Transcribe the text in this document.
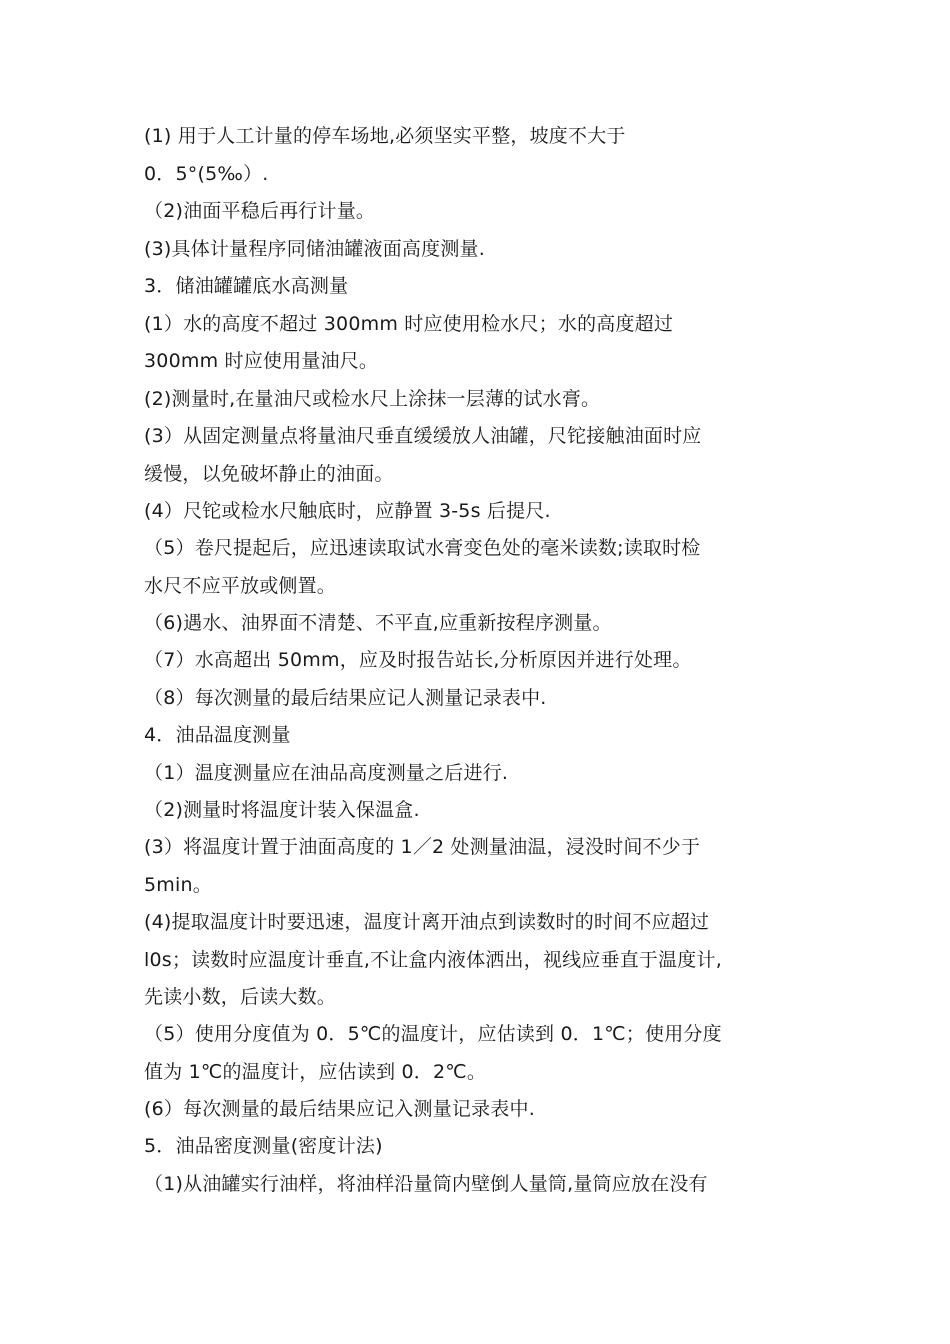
(1) 用于人工计量的停车场地,必须坚实平整，坡度不大于
0．5°(5‰）.
（2)油面平稳后再行计量。
(3)具体计量程序同储油罐液面高度测量.
3．储油罐罐底水高测量
(1）水的高度不超过 300mm 时应使用检水尺；水的高度超过
300mm 时应使用量油尺。
(2)测量时,在量油尺或检水尺上涂抹一层薄的试水膏。
(3）从固定测量点将量油尺垂直缓缓放人油罐，尺铊接触油面时应
缓慢，以免破坏静止的油面。
(4）尺铊或检水尺触底时，应静置 3-5s 后提尺.
（5）卷尺提起后，应迅速读取试水膏变色处的毫米读数;读取时检
水尺不应平放或侧置。
（6)遇水、油界面不清楚、不平直,应重新按程序测量。
（7）水高超出 50mm，应及时报告站长,分析原因并进行处理。
（8）每次测量的最后结果应记人测量记录表中.
4．油品温度测量
（1）温度测量应在油品高度测量之后进行.
（2)测量时将温度计装入保温盒.
(3）将温度计置于油面高度的 1／2 处测量油温，浸没时间不少于
5min。
(4)提取温度计时要迅速，温度计离开油点到读数时的时间不应超过
l0s；读数时应温度计垂直,不让盒内液体洒出，视线应垂直于温度计,
先读小数，后读大数。
（5）使用分度值为 0．5℃的温度计，应估读到 0．1℃；使用分度
值为 1℃的温度计，应估读到 0．2℃。
(6）每次测量的最后结果应记入测量记录表中.
5．油品密度测量(密度计法)
（1)从油罐实行油样，将油样沿量筒内壁倒人量筒,量筒应放在没有
